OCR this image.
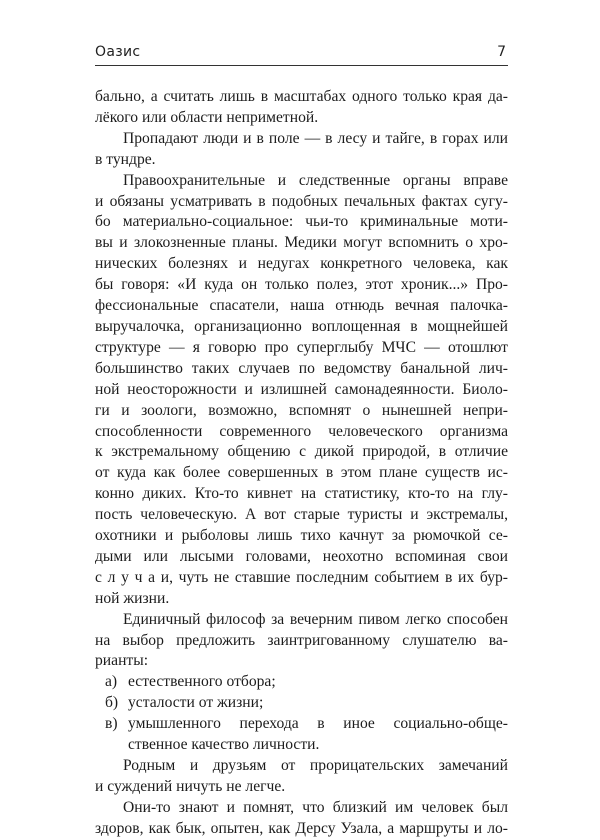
Оазис	7
бально, а считать лишь в масштабах одного только края да-
лёкого или области неприметной.
Пропадают люди и в поле — в лесу и тайге, в горах или
в тундре.
Правоохранительные и следственные органы вправе
и обязаны усматривать в подобных печальных фактах сугу-
бо материально-социальное: чьи-то криминальные моти-
вы и злокозненные планы. Медики могут вспомнить о хро-
нических болезнях и недугах конкретного человека, как
бы говоря: «И куда он только полез, этот хроник...» Про-
фессиональные спасатели, наша отнюдь вечная палочка-
выручалочка, организационно воплощенная в мощнейшей
структуре — я говорю про суперглыбу МЧС — отошлют
большинство таких случаев по ведомству банальной лич-
ной неосторожности и излишней самонадеянности. Биоло-
ги и зоологи, возможно, вспомнят о нынешней непри-
способленности современного человеческого организма
к экстремальному общению с дикой природой, в отличие
от куда как более совершенных в этом плане существ ис-
конно диких. Кто-то кивнет на статистику, кто-то на глу-
пость человеческую. А вот старые туристы и экстремалы,
охотники и рыболовы лишь тихо качнут за рюмочкой се-
дыми или лысыми головами, неохотно вспоминая свои
с л у ч а и, чуть не ставшие последним событием в их бур-
ной жизни.
Единичный философ за вечерним пивом легко способен
на выбор предложить заинтригованному слушателю ва-
рианты:
а) естественного отбора;
б) усталости от жизни;
в) умышленного перехода в иное социально-обще-
ственное качество личности.
Родным и друзьям от прорицательских замечаний
и суждений ничуть не легче.
Они-то знают и помнят, что близкий им человек был
здоров, как бык, опытен, как Дерсу Узала, а маршруты и ло-
